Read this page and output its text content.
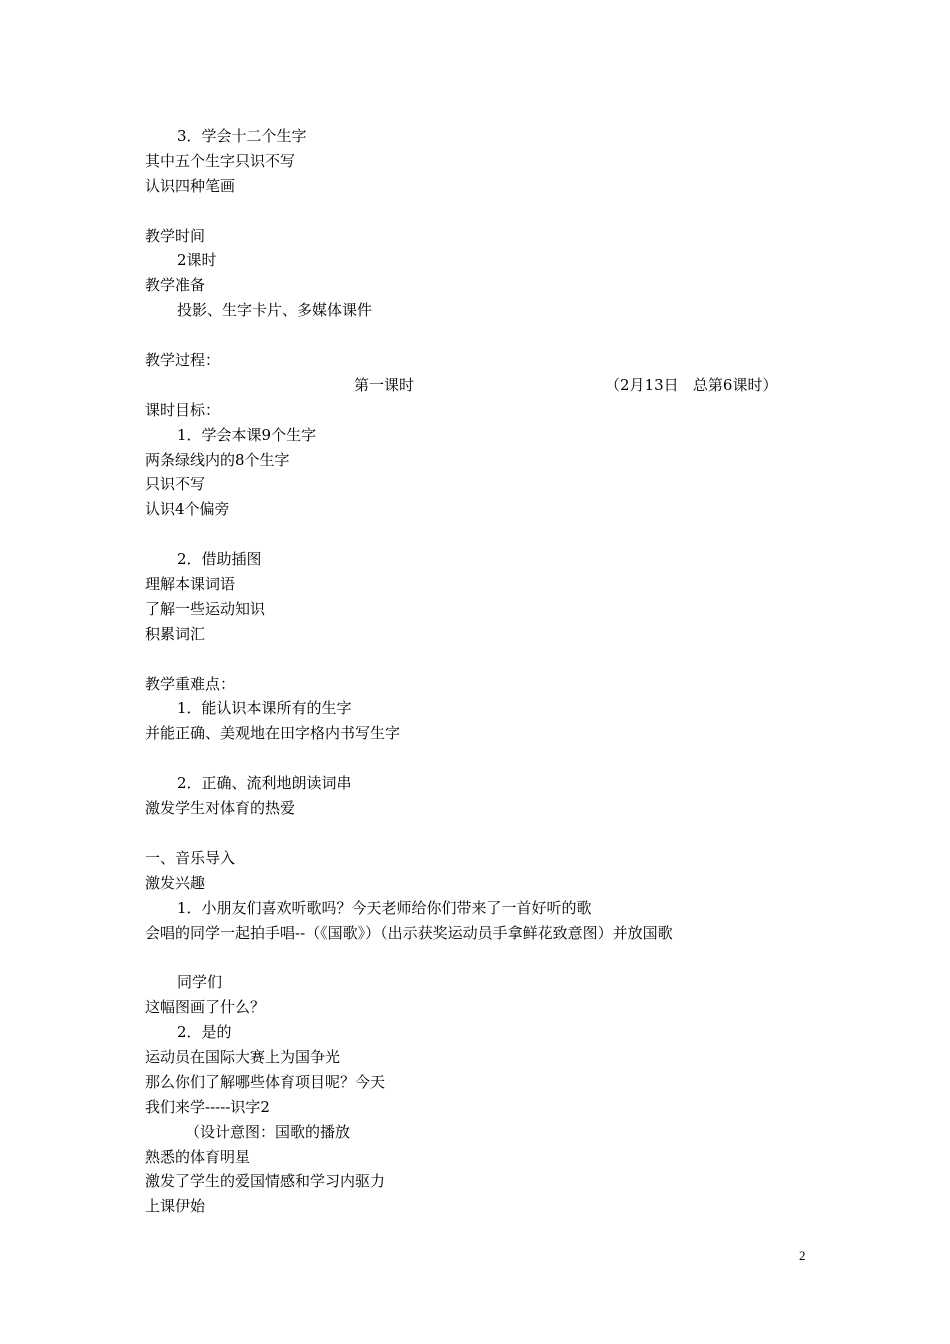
3．学会十二个生字
其中五个生字只识不写
认识四种笔画
教学时间
2课时
教学准备
投影、生字卡片、多媒体课件
教学过程：
第一课时	（2月13日   总第6课时）
课时目标：
1．学会本课9个生字
两条绿线内的8个生字
只识不写
认识4个偏旁
2．借助插图
理解本课词语
了解一些运动知识
积累词汇
教学重难点：
1．能认识本课所有的生字
并能正确、美观地在田字格内书写生字
2．正确、流利地朗读词串
激发学生对体育的热爱
一、音乐导入
激发兴趣
1．小朋友们喜欢听歌吗？今天老师给你们带来了一首好听的歌
会唱的同学一起拍手唱--（《国歌》）（出示获奖运动员手拿鲜花致意图）并放国歌
同学们
这幅图画了什么？
2．是的
运动员在国际大赛上为国争光
那么你们了解哪些体育项目呢？今天
我们来学-----识字2
（设计意图：国歌的播放
熟悉的体育明星
激发了学生的爱国情感和学习内驱力
上课伊始
2
